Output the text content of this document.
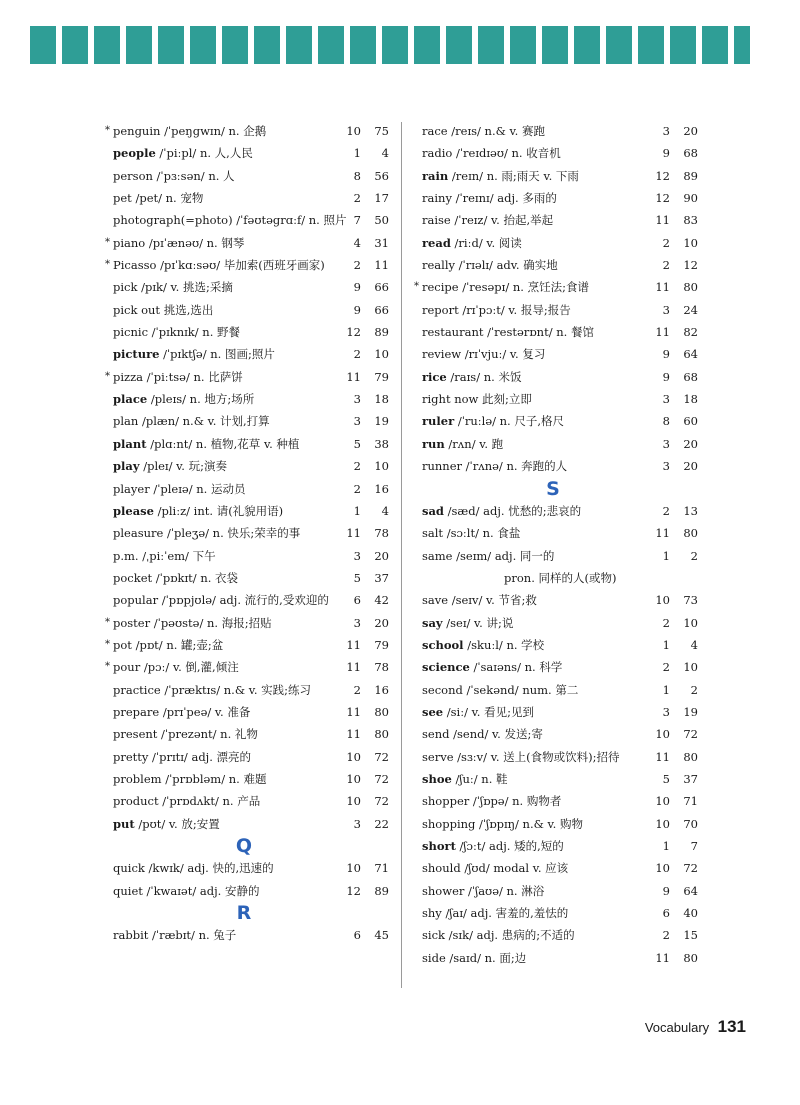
* penguin /ˈpeŋgwɪn/ n. 企鹅	10	75
people /ˈpiːpl/ n. 人,人民	1	4
person /ˈpɜːsən/ n. 人	8	56
pet /pet/ n. 宠物	2	17
photograph(=photo) /ˈfəʊtəgrɑːf/ n. 照片 7	50
* piano /pɪˈænəʊ/ n. 钢琴	4	31
* Picasso /pɪˈkɑːsəʊ/ 毕加索(西班牙画家)	2	11
pick /pɪk/ v. 挑选;采摘	9	66
pick out 挑选,选出	9	66
picnic /ˈpɪknɪk/ n. 野餐	12	89
picture /ˈpɪktʃə/ n. 图画;照片	2	10
* pizza /ˈpiːtsə/ n. 比萨饼	11	79
place /pleɪs/ n. 地方;场所	3	18
plan /plæn/ n.& v. 计划,打算	3	19
plant /plɑːnt/ n. 植物,花草 v. 种植	5	38
play /pleɪ/ v. 玩;演奏	2	10
player /ˈpleɪə/ n. 运动员	2	16
please /pliːz/ int. 请(礼貌用语)	1	4
pleasure /ˈpleʒə/ n. 快乐;荣幸的事	11	78
p.m. /ˌpiːˈem/ 下午	3	20
pocket /ˈpɒkɪt/ n. 衣袋	5	37
popular /ˈpɒpjʊlə/ adj. 流行的,受欢迎的	6	42
* poster /ˈpəʊstə/ n. 海报;招贴	3	20
* pot /pɒt/ n. 罐;壶;盆	11	79
* pour /pɔː/ v. 倒,灌,倾注	11	78
practice /ˈpræktɪs/ n.& v. 实践;练习	2	16
prepare /prɪˈpeə/ v. 准备	11	80
present /ˈprezənt/ n. 礼物	11	80
pretty /ˈprɪtɪ/ adj. 漂亮的	10	72
problem /ˈprɒbləm/ n. 难题	10	72
product /ˈprɒdʌkt/ n. 产品	10	72
put /pʊt/ v. 放;安置	3	22
Q
quick /kwɪk/ adj. 快的,迅速的	10	71
quiet /ˈkwaɪət/ adj. 安静的	12	89
R
rabbit /ˈræbɪt/ n. 兔子	6	45
race /reɪs/ n.& v. 赛跑	3	20
radio /ˈreɪdɪəʊ/ n. 收音机	9	68
rain /reɪn/ n. 雨;雨天 v. 下雨	12	89
rainy /ˈreɪnɪ/ adj. 多雨的	12	90
raise /ˈreɪz/ v. 抬起,举起	11	83
read /riːd/ v. 阅读	2	10
really /ˈrɪəlɪ/ adv. 确实地	2	12
* recipe /ˈresəpɪ/ n. 烹饪法;食谱	11	80
report /rɪˈpɔːt/ v. 报导;报告	3	24
restaurant /ˈrestərɒnt/ n. 餐馆	11	82
review /rɪˈvjuː/ v. 复习	9	64
rice /raɪs/ n. 米饭	9	68
right now 此刻;立即	3	18
ruler /ˈruːlə/ n. 尺子,格尺	8	60
run /rʌn/ v. 跑	3	20
runner /ˈrʌnə/ n. 奔跑的人	3	20
S
sad /sæd/ adj. 忧愁的;悲哀的	2	13
salt /sɔːlt/ n. 食盐	11	80
same /seɪm/ adj. 同一的	1	2
pron. 同样的人(或物)
save /seɪv/ v. 节省;救	10	73
say /seɪ/ v. 讲;说	2	10
school /skuːl/ n. 学校	1	4
science /ˈsaɪəns/ n. 科学	2	10
second /ˈsekənd/ num. 第二	1	2
see /siː/ v. 看见;见到	3	19
send /send/ v. 发送;寄	10	72
serve /sɜːv/ v. 送上(食物或饮料);招待	11	80
shoe /ʃuː/ n. 鞋	5	37
shopper /ˈʃɒpə/ n. 购物者	10	71
shopping /ˈʃɒpɪŋ/ n.& v. 购物	10	70
short /ʃɔːt/ adj. 矮的,短的	1	7
should /ʃʊd/ modal v. 应该	10	72
shower /ˈʃaʊə/ n. 淋浴	9	64
shy /ʃaɪ/ adj. 害羞的,羞怯的	6	40
sick /sɪk/ adj. 患病的;不适的	2	15
side /saɪd/ n. 面;边	11	80
Vocabulary 131
